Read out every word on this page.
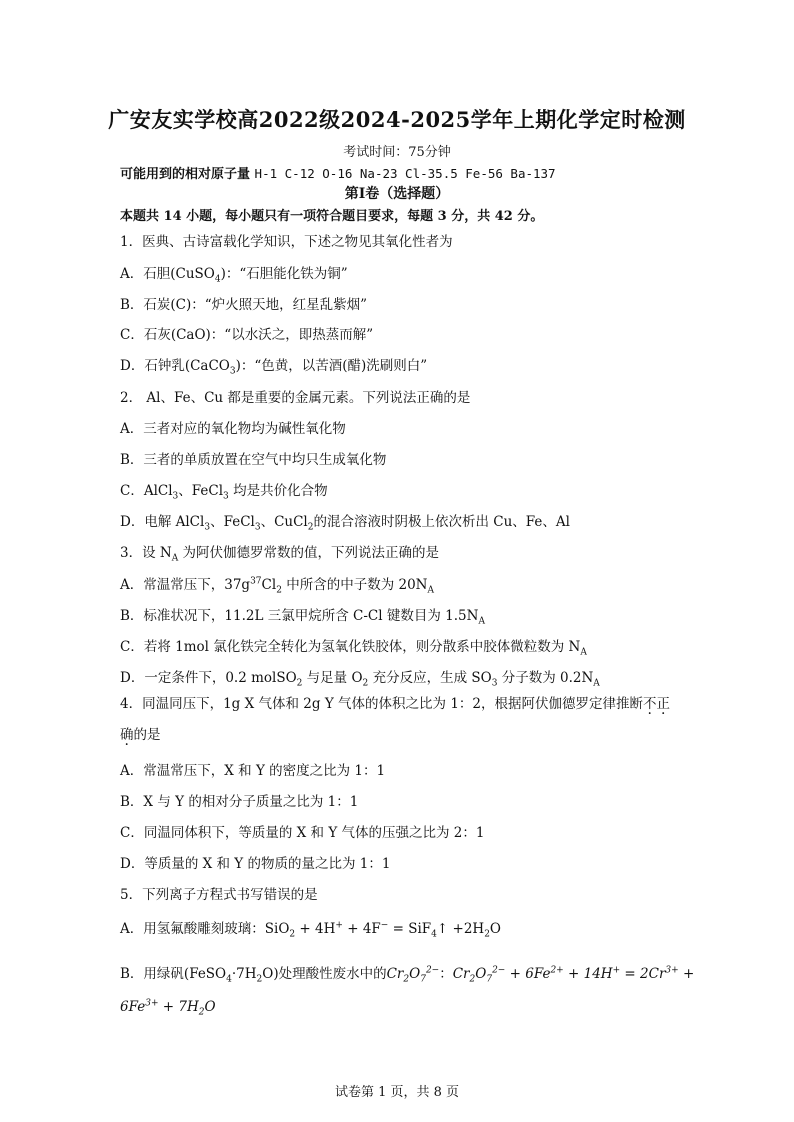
广安友实学校高2022级2024-2025学年上期化学定时检测
考试时间：75分钟
可能用到的相对原子量 H-1 C-12 O-16 Na-23 Cl-35.5 Fe-56 Ba-137
第Ⅰ卷（选择题）
本题共 14 小题，每小题只有一项符合题目要求，每题 3 分，共 42 分。
1．医典、古诗富载化学知识，下述之物见其氧化性者为
A．石胆(CuSO$_4$)：“石胆能化铁为铜”
B．石炭(C)：“炉火照天地，红星乱紫烟”
C．石灰(CaO)：“以水沃之，即热蒸而解”
D．石钟乳(CaCO$_3$)：“色黄，以苦酒(醋)洗刷则白”
2． Al、Fe、Cu 都是重要的金属元素。下列说法正确的是
A．三者对应的氧化物均为碱性氧化物
B．三者的单质放置在空气中均只生成氧化物
C．AlCl$_3$、FeCl$_3$ 均是共价化合物
D．电解 AlCl$_3$、FeCl$_3$、CuCl$_2$的混合溶液时阴极上依次析出 Cu、Fe、Al
3．设 $N_A$ 为阿伏伽德罗常数的值，下列说法正确的是
A．常温常压下，$37g^{37}Cl_2$ 中所含的中子数为 $20N_A$
B．标准状况下，11.2L 三氯甲烷所含 C-Cl 键数目为 $1.5N_A$
C．若将 1mol 氯化铁完全转化为氢氧化铁胶体，则分散系中胶体微粒数为 $N_A$
D．一定条件下，0.2 molSO$_2$ 与足量 $O_2$ 充分反应，生成 $SO_3$ 分子数为 $0.2N_A$
4．同温同压下，1g X 气体和 2g Y 气体的体积之比为 1：2，根据阿伏伽德罗定律推断不正
确的是
A．常温常压下，X 和 Y 的密度之比为 1：1
B．X 与 Y 的相对分子质量之比为 1：1
C．同温同体积下，等质量的 X 和 Y 气体的压强之比为 2：1
D．等质量的 X 和 Y 的物质的量之比为 1：1
5．下列离子方程式书写错误的是
A．用氢氟酸雕刻玻璃：SiO$_2$ + 4H+ + 4F− = SiF$_4$↑ $+2H_2O$
B．用绿矾$(FeSO_4\cdot 7H_2O)$处理酸性废水中的$Cr_2O_7^{2-}$：$Cr_2O_7^{2-} + 6Fe^{2+} + 14H^+ = 2Cr^{3+}$ +
$6Fe^{3+} + 7H_2O$
试卷第 1 页，共 8 页
